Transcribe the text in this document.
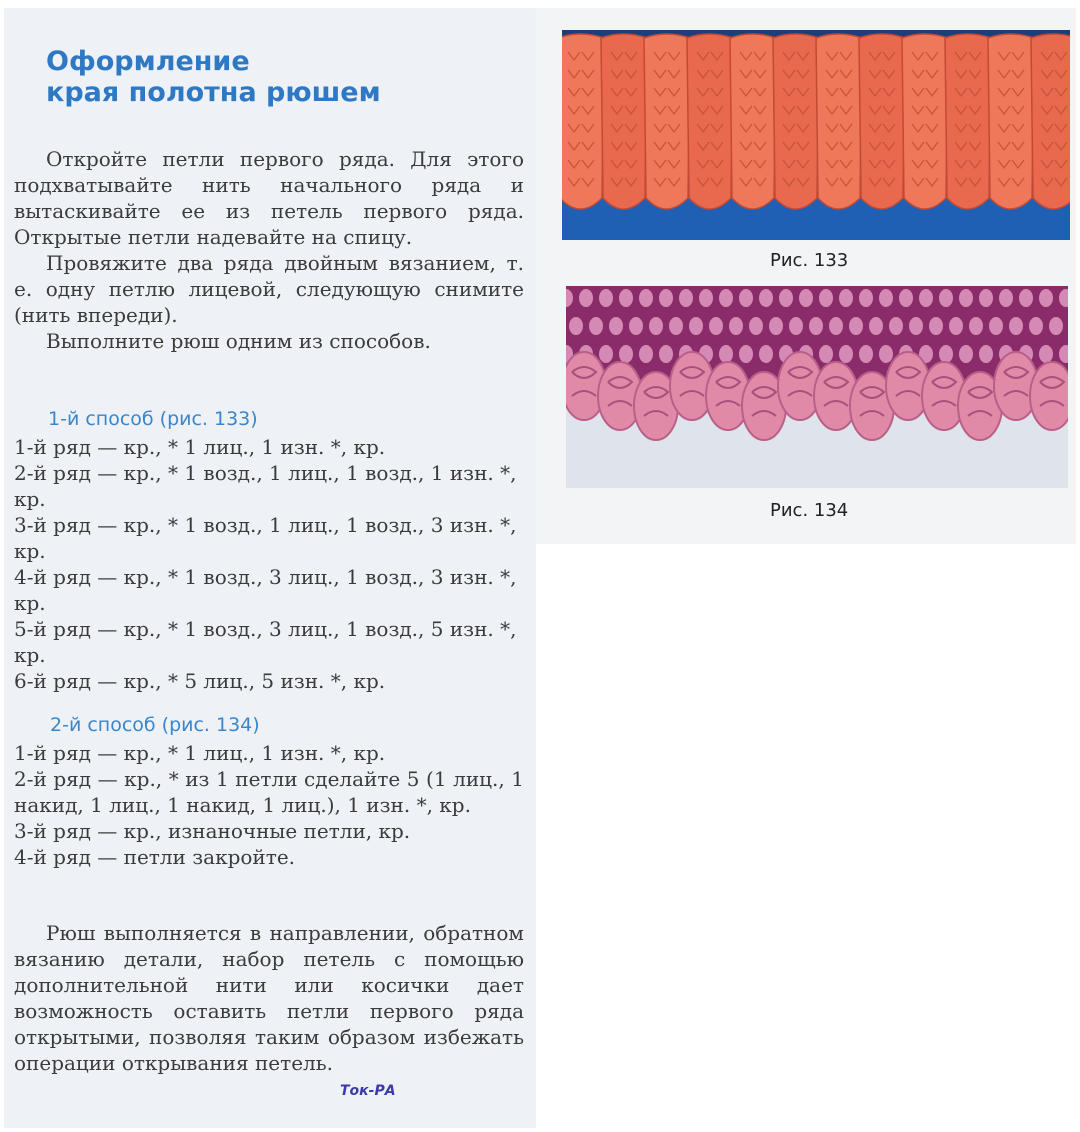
Оформление
края полотна рюшем

Откройте петли первого ряда. Для этого подхватывайте нить начального ряда и вытаскивайте ее из петель первого ряда. Открытые петли надевайте на спицу.

Провяжите два ряда двойным вязанием, т. е. одну петлю лицевой, следующую снимите (нить впереди).

Выполните рюш одним из способов.

1-й способ (рис. 133)

1-й ряд — кр., * 1 лиц., 1 изн. *, кр.

2-й ряд — кр., * 1 возд., 1 лиц., 1 возд., 1 изн. *, кр.

3-й ряд — кр., * 1 возд., 1 лиц., 1 возд., 3 изн. *, кр.

4-й ряд — кр., * 1 возд., 3 лиц., 1 возд., 3 изн. *, кр.

5-й ряд — кр., * 1 возд., 3 лиц., 1 возд., 5 изн. *, кр.

6-й ряд — кр., * 5 лиц., 5 изн. *, кр.

2-й способ (рис. 134)

1-й ряд — кр., * 1 лиц., 1 изн. *, кр.

2-й ряд — кр., * из 1 петли сделайте 5 (1 лиц., 1 накид, 1 лиц., 1 накид, 1 лиц.), 1 изн. *, кр.

3-й ряд — кр., изнаночные петли, кр.

4-й ряд — петли закройте.

Рюш выполняется в направлении, обратном вязанию детали, набор петель с помощью дополнительной нити или косички дает возможность оставить петли первого ряда открытыми, позволяя таким образом избежать операции открывания петель.

Ток-РА
Рис. 133
Рис. 134
